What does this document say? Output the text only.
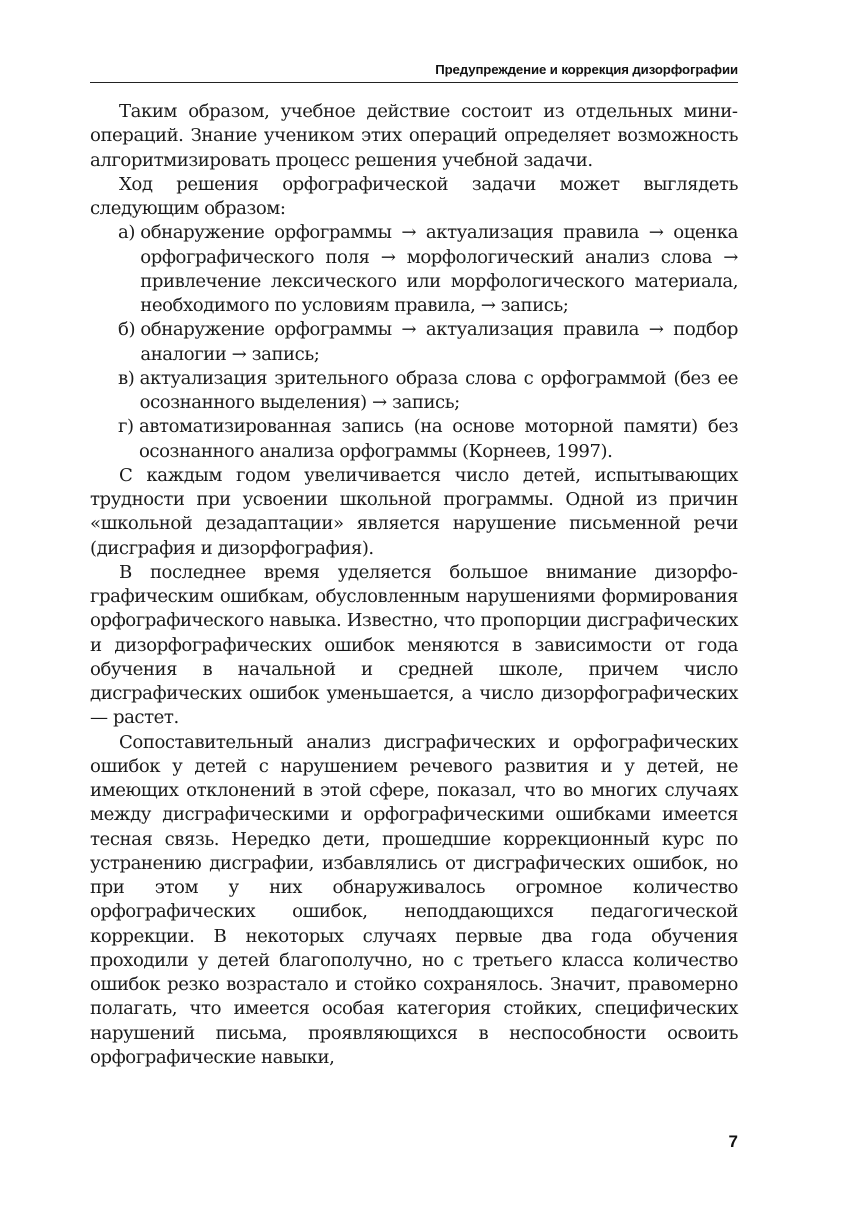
Предупреждение и коррекция дизорфографии

Таким образом, учебное действие состоит из отдельных миниопераций. Знание учеником этих операций определяет возможность алгоритмизировать процесс решения учебной задачи.

Ход решения орфографической задачи может выглядеть следующим образом:

а) обнаружение орфограммы → актуализация правила → оценка орфографического поля → морфологический анализ слова → привлечение лексического или морфологического материала, необходимого по условиям правила, → запись;
б) обнаружение орфограммы → актуализация правила → подбор аналогии → запись;
в) актуализация зрительного образа слова с орфограммой (без ее осознанного выделения) → запись;
г) автоматизированная запись (на основе моторной памяти) без осознанного анализа орфограммы (Корнеев, 1997).

С каждым годом увеличивается число детей, испытывающих трудности при усвоении школьной программы. Одной из причин «школьной дезадаптации» является нарушение письменной речи (дисграфия и дизорфография).

В последнее время уделяется большое внимание дизорфографическим ошибкам, обусловленным нарушениями формирования орфографического навыка. Известно, что пропорции дисграфических и дизорфографических ошибок меняются в зависимости от года обучения в начальной и средней школе, причем число дисграфических ошибок уменьшается, а число дизорфографических — растет.

Сопоставительный анализ дисграфических и орфографических ошибок у детей с нарушением речевого развития и у детей, не имеющих отклонений в этой сфере, показал, что во многих случаях между дисграфическими и орфографическими ошибками имеется тесная связь. Нередко дети, прошедшие коррекционный курс по устранению дисграфии, избавлялись от дисграфических ошибок, но при этом у них обнаруживалось огромное количество орфографических ошибок, неподдающихся педагогической коррекции. В некоторых случаях первые два года обучения проходили у детей благополучно, но с третьего класса количество ошибок резко возрастало и стойко сохранялось. Значит, правомерно полагать, что имеется особая категория стойких, специфических нарушений письма, проявляющихся в неспособности освоить орфографические навыки,

7
